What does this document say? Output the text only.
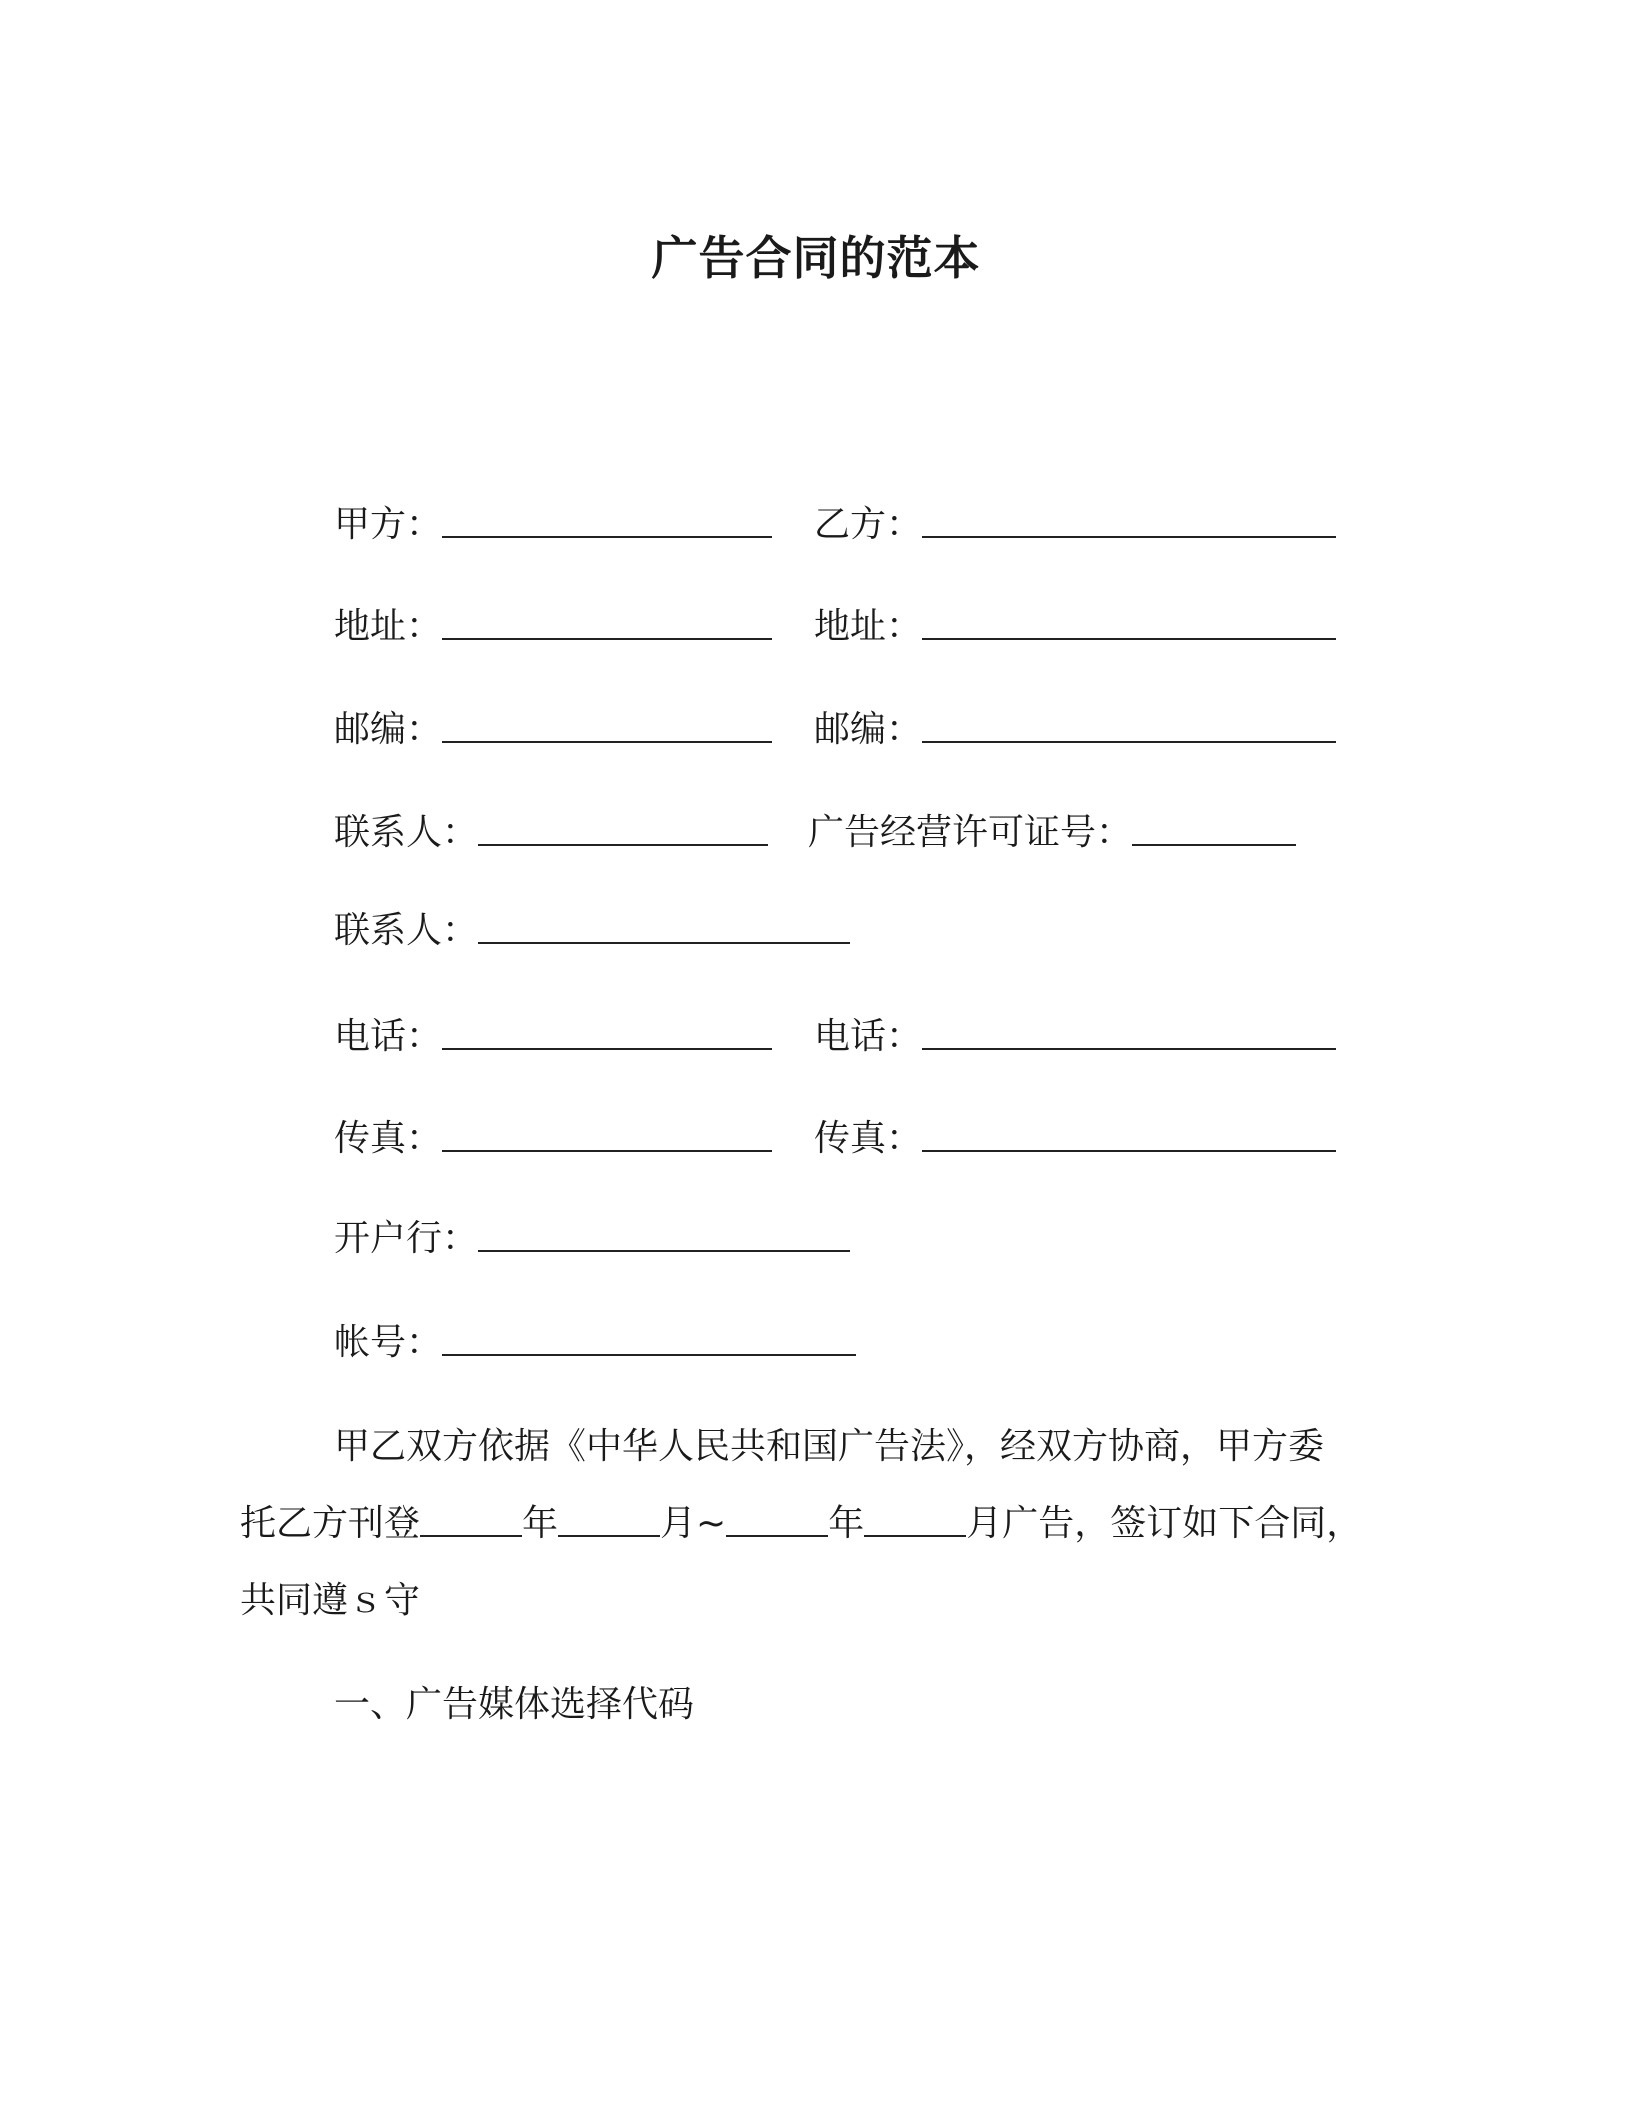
广告合同的范本
甲方：	乙方：
地址：	地址：
邮编：	邮编：
联系人：	广告经营许可证号：
联系人：
电话：	电话：
传真：	传真：
开户行：
帐号：
甲乙双方依据《中华人民共和国广告法》，经双方协商，甲方委
托乙方刊登	年	月~	年	月广告，签订如下合同，
共同遵ｓ守
一、广告媒体选择代码
